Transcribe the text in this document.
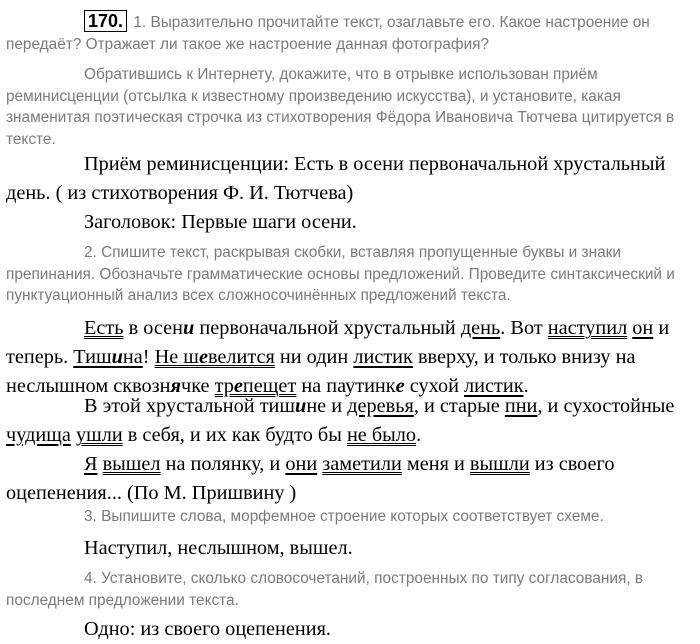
170. 1. Выразительно прочитайте текст, озаглавьте его. Какое настроение он передаёт? Отражает ли такое же настроение данная фотография?

Обратившись к Интернету, докажите, что в отрывке использован приём реминисценции (отсылка к известному произведению искусства), и установите, какая знаменитая поэтическая строчка из стихотворения Фёдора Ивановича Тютчева цитируется в тексте.

Приём реминисценции: Есть в осени первоначальной хрустальный день. ( из стихотворения Ф. И. Тютчева)

Заголовок: Первые шаги осени.

2. Спишите текст, раскрывая скобки, вставляя пропущенные буквы и знаки препинания. Обозначьте грамматические основы предложений. Проведите синтаксический и пунктуационный анализ всех сложносочинённых предложений текста.

Есть в осени первоначальной хрустальный день. Вот наступил он и теперь. Тишина! Не шевелится ни один листик вверху, и только внизу на неслышном сквознячке трепещет на паутинке сухой листик.

В этой хрустальной тишине и деревья, и старые пни, и сухостойные чудища ушли в себя, и их как будто бы не было.

Я вышел на полянку, и они заметили меня и вышли из своего оцепенения... (По М. Пришвину )

3. Выпишите слова, морфемное строение которых соответствует схеме.

Наступил, неслышном, вышел.

4. Установите, сколько словосочетаний, построенных по типу согласования, в последнем предложении текста.

Одно: из своего оцепенения.
